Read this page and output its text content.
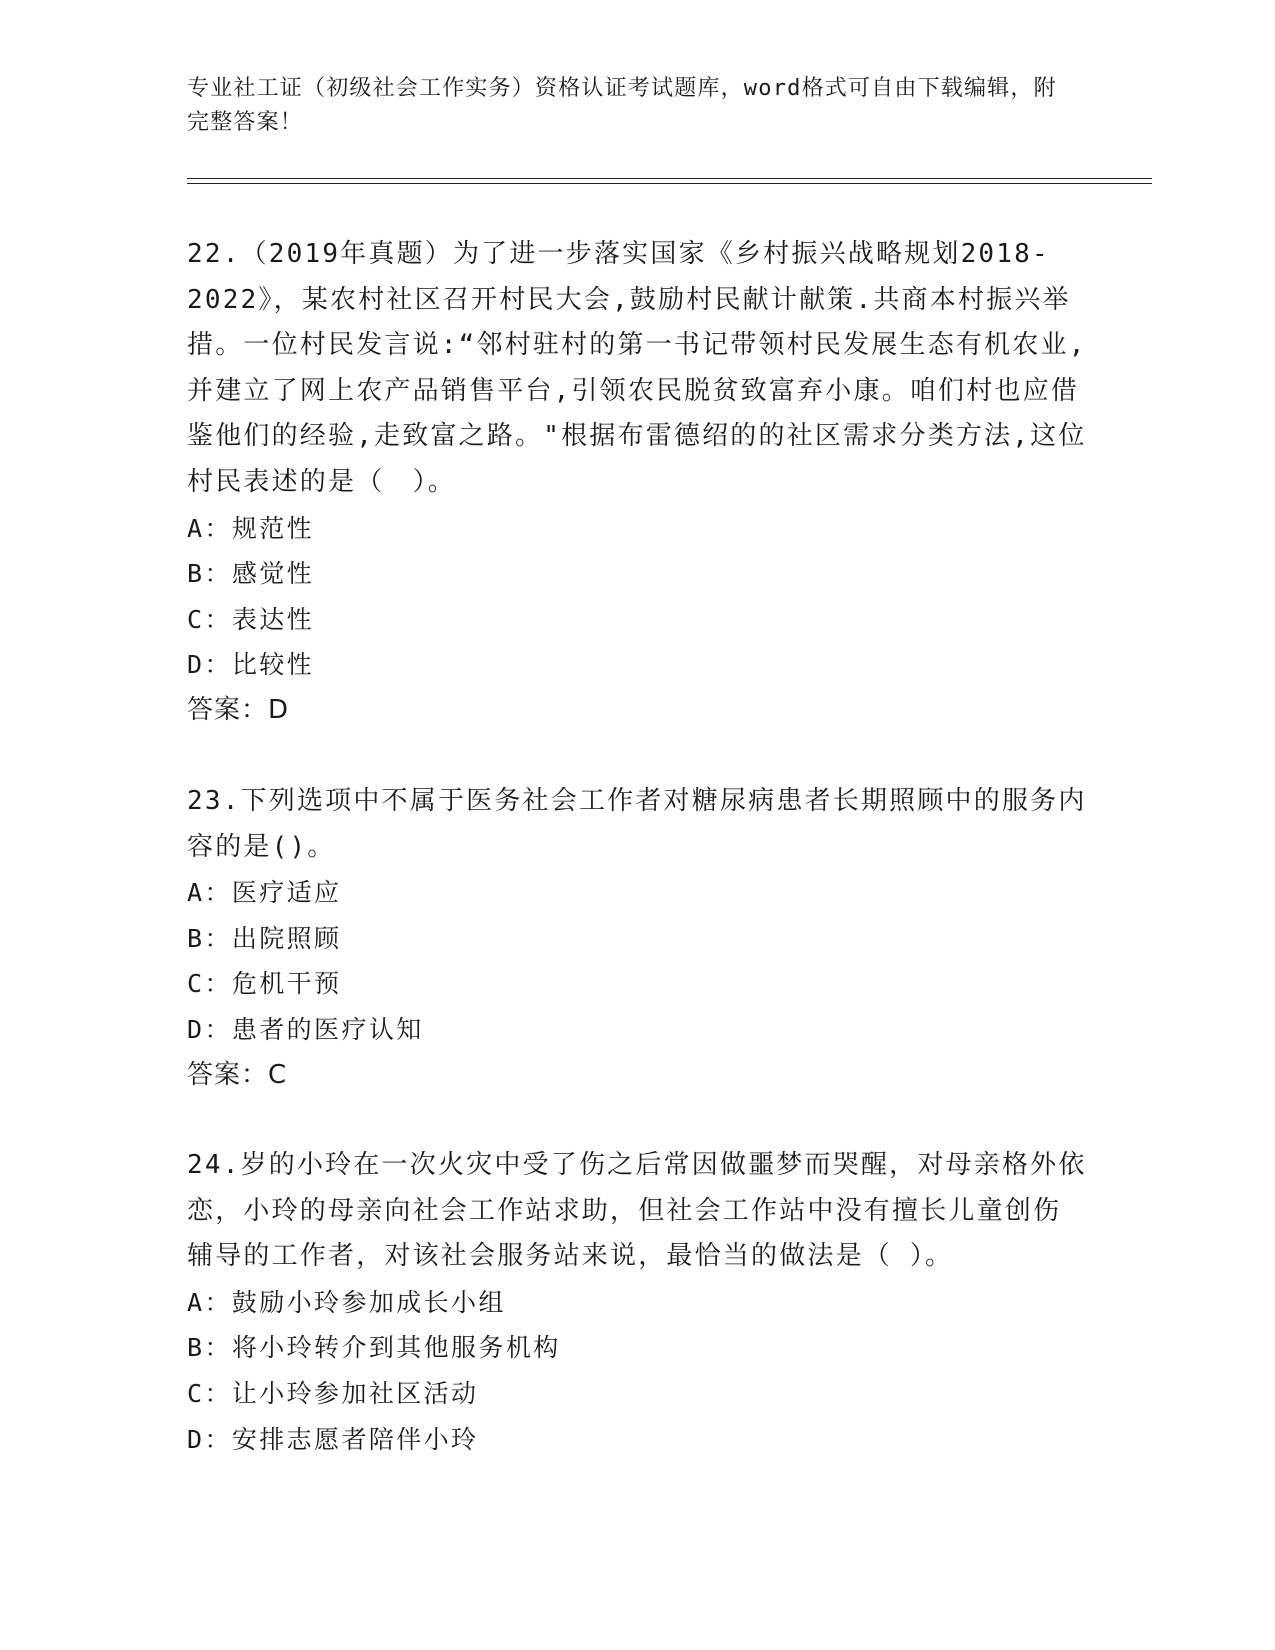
专业社工证（初级社会工作实务）资格认证考试题库，word格式可自由下载编辑，附完整答案！

22.（2019年真题）为了进一步落实国家《乡村振兴战略规划2018-2022》，某农村社区召开村民大会,鼓励村民献计献策.共商本村振兴举措。一位村民发言说:“邻村驻村的第一书记带领村民发展生态有机农业,并建立了网上农产品销售平台,引领农民脱贫致富弃小康。咱们村也应借鉴他们的经验,走致富之路。"根据布雷德绍的的社区需求分类方法,这位村民表述的是（　）。

A：规范性

B：感觉性

C：表达性

D：比较性

答案：D

23.下列选项中不属于医务社会工作者对糖尿病患者长期照顾中的服务内容的是()。

A：医疗适应

B：出院照顾

C：危机干预

D：患者的医疗认知

答案：C

24.岁的小玲在一次火灾中受了伤之后常因做噩梦而哭醒，对母亲格外依恋，小玲的母亲向社会工作站求助，但社会工作站中没有擅长儿童创伤辅导的工作者，对该社会服务站来说，最恰当的做法是（ ）。

A：鼓励小玲参加成长小组

B：将小玲转介到其他服务机构

C：让小玲参加社区活动

D：安排志愿者陪伴小玲
